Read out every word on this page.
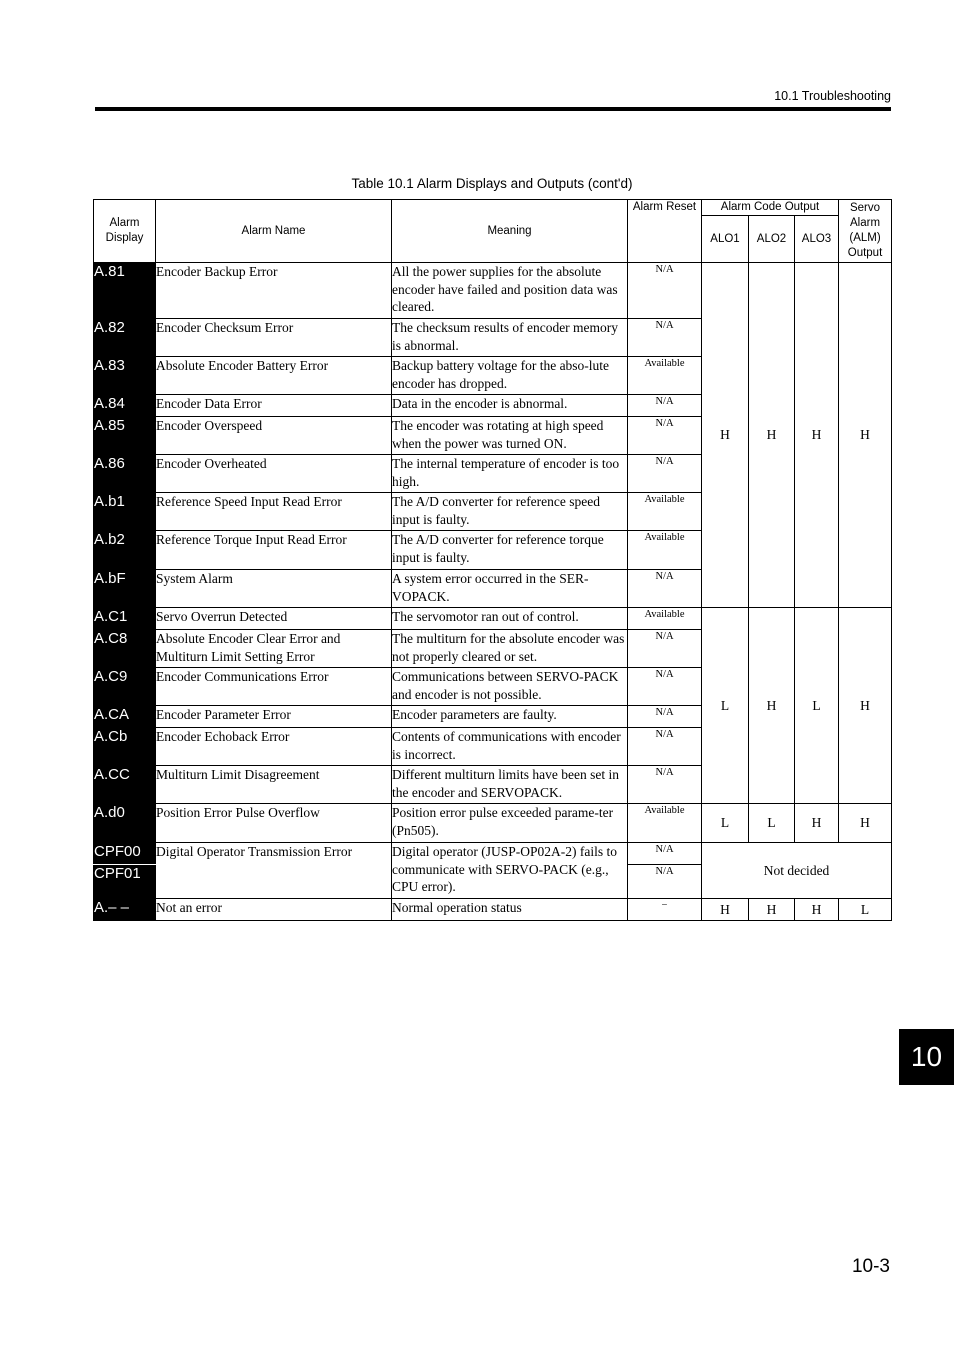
10.1 Troubleshooting
Table 10.1 Alarm Displays and Outputs (cont'd)
Alarm Display	Alarm Name	Meaning	Alarm Reset	Alarm Code Output			Servo Alarm (ALM) Output
				ALO1	ALO2	ALO3	
A.81	Encoder Backup Error	All the power supplies for the absolute encoder have failed and position data was cleared.	N/A	H	H	H	H
A.82	Encoder Checksum Error	The checksum results of encoder memory is abnormal.	N/A				
A.83	Absolute Encoder Battery Error	Backup battery voltage for the abso-lute encoder has dropped.	Available				
A.84	Encoder Data Error	Data in the encoder is abnormal.	N/A				
A.85	Encoder Overspeed	The encoder was rotating at high speed when the power was turned ON.	N/A				
A.86	Encoder Overheated	The internal temperature of encoder is too high.	N/A				
A.b1	Reference Speed Input Read Error	The A/D converter for reference speed input is faulty.	Available				
A.b2	Reference Torque Input Read Error	The A/D converter for reference torque input is faulty.	Available				
A.bF	System Alarm	A system error occurred in the SER-VOPACK.	N/A				
A.C1	Servo Overrun Detected	The servomotor ran out of control.	Available	L	H	L	H
A.C8	Absolute Encoder Clear Error and Multiturn Limit Setting Error	The multiturn for the absolute encoder was not properly cleared or set.	N/A				
A.C9	Encoder Communications Error	Communications between SERVO-PACK and encoder is not possible.	N/A				
A.CA	Encoder Parameter Error	Encoder parameters are faulty.	N/A				
A.Cb	Encoder Echoback Error	Contents of communications with encoder is incorrect.	N/A				
A.CC	Multiturn Limit Disagreement	Different multiturn limits have been set in the encoder and SERVOPACK.	N/A				
A.d0	Position Error Pulse Overflow	Position error pulse exceeded parame-ter (Pn505).	Available	L	L	H	H
CPF00	Digital Operator Transmission Error	Digital operator (JUSP-OP02A-2) fails to communicate with SERVO-PACK (e.g., CPU error).	N/A	Not decided			
CPF01			N/A				
A.– –	Not an error	Normal operation status	−	H	H	H	L
10
10-3
